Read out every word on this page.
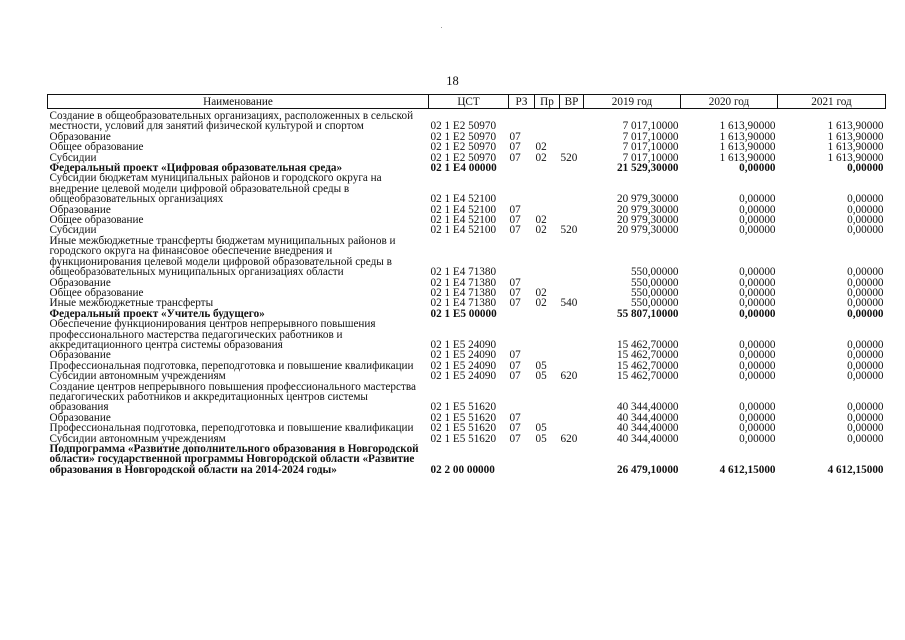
18
Наименование	ЦСТ	РЗ	Пр	ВР	2019 год	2020 год	2021 год
Создание в общеобразовательных организациях, расположенных в сельской местности, условий для занятий физической культурой и спортом	02 1 E2 50970				7 017,10000	1 613,90000	1 613,90000
Образование	02 1 E2 50970	07			7 017,10000	1 613,90000	1 613,90000
Общее образование	02 1 E2 50970	07	02		7 017,10000	1 613,90000	1 613,90000
Субсидии	02 1 E2 50970	07	02	520	7 017,10000	1 613,90000	1 613,90000
Федеральный проект «Цифровая образовательная среда»	02 1 E4 00000				21 529,30000	0,00000	0,00000
Субсидии бюджетам муниципальных районов и городского округа на внедрение целевой модели цифровой образовательной среды в общеобразовательных организациях	02 1 E4 52100				20 979,30000	0,00000	0,00000
Образование	02 1 E4 52100	07			20 979,30000	0,00000	0,00000
Общее образование	02 1 E4 52100	07	02		20 979,30000	0,00000	0,00000
Субсидии	02 1 E4 52100	07	02	520	20 979,30000	0,00000	0,00000
Иные межбюджетные трансферты бюджетам муниципальных районов и городского округа на финансовое обеспечение внедрения и функционирования целевой модели цифровой образовательной среды в общеобразовательных муниципальных организациях области	02 1 E4 71380				550,00000	0,00000	0,00000
Образование	02 1 E4 71380	07			550,00000	0,00000	0,00000
Общее образование	02 1 E4 71380	07	02		550,00000	0,00000	0,00000
Иные межбюджетные трансферты	02 1 E4 71380	07	02	540	550,00000	0,00000	0,00000
Федеральный проект «Учитель будущего»	02 1 E5 00000				55 807,10000	0,00000	0,00000
Обеспечение функционирования центров непрерывного повышения профессионального мастерства педагогических работников и аккредитационного центра системы образования	02 1 E5 24090				15 462,70000	0,00000	0,00000
Образование	02 1 E5 24090	07			15 462,70000	0,00000	0,00000
Профессиональная подготовка, переподготовка и повышение квалификации	02 1 E5 24090	07	05		15 462,70000	0,00000	0,00000
Субсидии автономным учреждениям	02 1 E5 24090	07	05	620	15 462,70000	0,00000	0,00000
Создание центров непрерывного повышения профессионального мастерства педагогических работников и аккредитационных центров системы образования	02 1 E5 51620				40 344,40000	0,00000	0,00000
Образование	02 1 E5 51620	07			40 344,40000	0,00000	0,00000
Профессиональная подготовка, переподготовка и повышение квалификации	02 1 E5 51620	07	05		40 344,40000	0,00000	0,00000
Субсидии автономным учреждениям	02 1 E5 51620	07	05	620	40 344,40000	0,00000	0,00000
Подпрограмма «Развитие дополнительного образования в Новгородской области» государственной программы Новгородской области «Развитие образования в Новгородской области на 2014-2024 годы»	02 2 00 00000				26 479,10000	4 612,15000	4 612,15000
